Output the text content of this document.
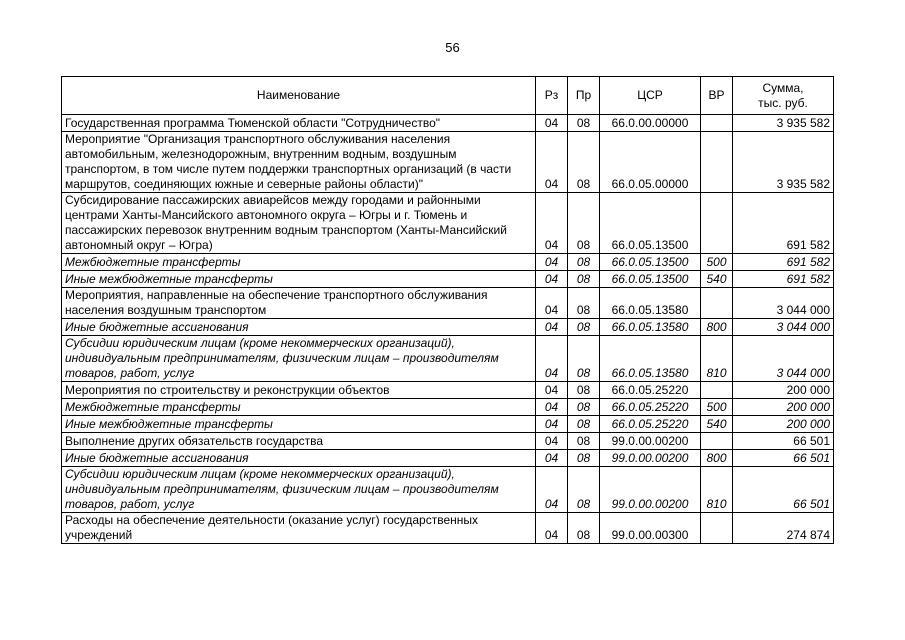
56
Наименование	Рз	Пр	ЦСР	ВР	Сумма, тыс. руб.

Государственная программа Тюменской области "Сотрудничество"	04	08	66.0.00.00000		3 935 582

Мероприятие "Организация транспортного обслуживания населения автомобильным, железнодорожным, внутренним водным, воздушным транспортом, в том числе путем поддержки транспортных организаций (в части маршрутов, соединяющих южные и северные районы области)"	04	08	66.0.05.00000		3 935 582

Субсидирование пассажирских авиарейсов между городами и районными центрами Ханты-Мансийского автономного округа – Югры и г. Тюмень и пассажирских перевозок внутренним водным транспортом (Ханты-Мансийский автономный округ – Югра)	04	08	66.0.05.13500		691 582

Межбюджетные трансферты	04	08	66.0.05.13500	500	691 582

Иные межбюджетные трансферты	04	08	66.0.05.13500	540	691 582

Мероприятия, направленные на обеспечение транспортного обслуживания населения воздушным транспортом	04	08	66.0.05.13580		3 044 000

Иные бюджетные ассигнования	04	08	66.0.05.13580	800	3 044 000

Субсидии юридическим лицам (кроме некоммерческих организаций), индивидуальным предпринимателям, физическим лицам – производителям товаров, работ, услуг	04	08	66.0.05.13580	810	3 044 000

Мероприятия по строительству и реконструкции объектов	04	08	66.0.05.25220		200 000

Межбюджетные трансферты	04	08	66.0.05.25220	500	200 000

Иные межбюджетные трансферты	04	08	66.0.05.25220	540	200 000

Выполнение других обязательств государства	04	08	99.0.00.00200		66 501

Иные бюджетные ассигнования	04	08	99.0.00.00200	800	66 501

Субсидии юридическим лицам (кроме некоммерческих организаций), индивидуальным предпринимателям, физическим лицам – производителям товаров, работ, услуг	04	08	99.0.00.00200	810	66 501

Расходы на обеспечение деятельности (оказание услуг) государственных учреждений	04	08	99.0.00.00300		274 874
